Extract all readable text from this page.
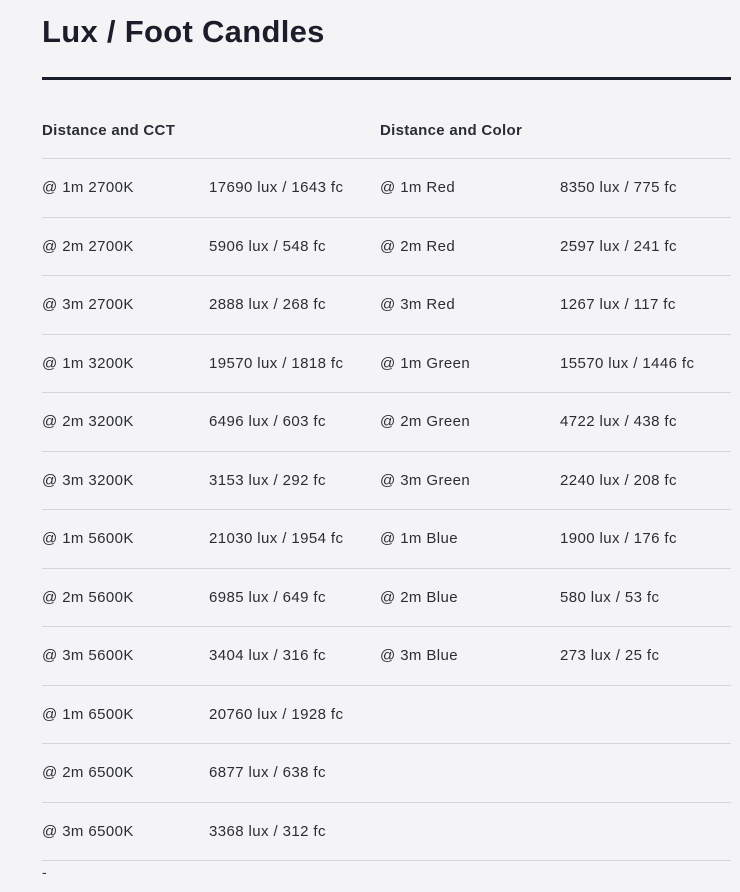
Lux / Foot Candles
Distance and CCT	Distance and Color
@ 1m 2700K	17690 lux / 1643 fc	@ 1m Red	8350 lux / 775 fc
@ 2m 2700K	5906 lux / 548 fc	@ 2m Red	2597 lux / 241 fc
@ 3m 2700K	2888 lux / 268 fc	@ 3m Red	1267 lux / 117 fc
@ 1m 3200K	19570 lux / 1818 fc	@ 1m Green	15570 lux / 1446 fc
@ 2m 3200K	6496 lux / 603 fc	@ 2m Green	4722 lux / 438 fc
@ 3m 3200K	3153 lux / 292 fc	@ 3m Green	2240 lux / 208 fc
@ 1m 5600K	21030 lux / 1954 fc	@ 1m Blue	1900 lux / 176 fc
@ 2m 5600K	6985 lux / 649 fc	@ 2m Blue	580 lux / 53 fc
@ 3m 5600K	3404 lux / 316 fc	@ 3m Blue	273 lux / 25 fc
@ 1m 6500K	20760 lux / 1928 fc		
@ 2m 6500K	6877 lux / 638 fc		
@ 3m 6500K	3368 lux / 312 fc		
-
